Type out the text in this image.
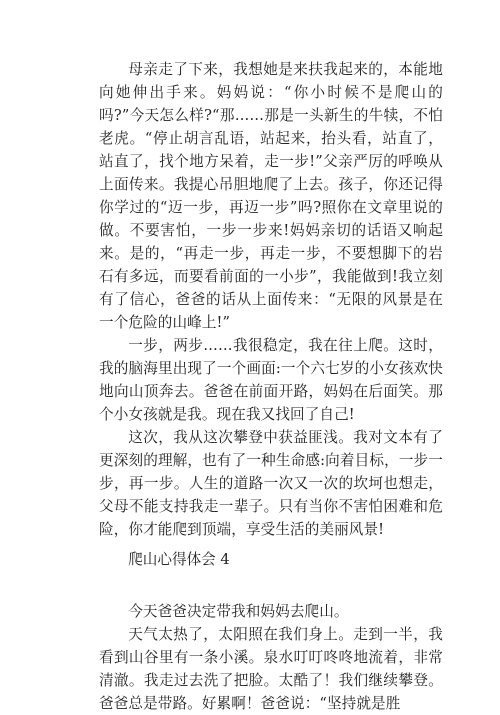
母亲走了下来，我想她是来扶我起来的，本能地向她伸出手来。妈妈说：“你小时候不是爬山的吗?”今天怎么样?“那……那是一头新生的牛犊，不怕老虎。“停止胡言乱语，站起来，抬头看，站直了，站直了，找个地方呆着，走一步!”父亲严厉的呼唤从上面传来。我提心吊胆地爬了上去。孩子，你还记得你学过的“迈一步，再迈一步”吗?照你在文章里说的做。不要害怕，一步一步来!妈妈亲切的话语又响起来。是的，“再走一步，再走一步，不要想脚下的岩石有多远，而要看前面的一小步”，我能做到!我立刻有了信心，爸爸的话从上面传来：“无限的风景是在一个危险的山峰上!”

一步，两步……我很稳定，我在往上爬。这时，我的脑海里出现了一个画面:一个六七岁的小女孩欢快地向山顶奔去。爸爸在前面开路，妈妈在后面笑。那个小女孩就是我。现在我又找回了自己!

这次，我从这次攀登中获益匪浅。我对文本有了更深刻的理解，也有了一种生命感:向着目标，一步一步，再一步。人生的道路一次又一次的坎坷也想走，父母不能支持我走一辈子。只有当你不害怕困难和危险，你才能爬到顶端，享受生活的美丽风景!

爬山心得体会 4

今天爸爸决定带我和妈妈去爬山。

天气太热了，太阳照在我们身上。走到一半，我看到山谷里有一条小溪。泉水叮叮咚咚地流着，非常清澈。我走过去洗了把脸。太酷了！我们继续攀登。爸爸总是带路。好累啊！爸爸说：“坚持就是胜
